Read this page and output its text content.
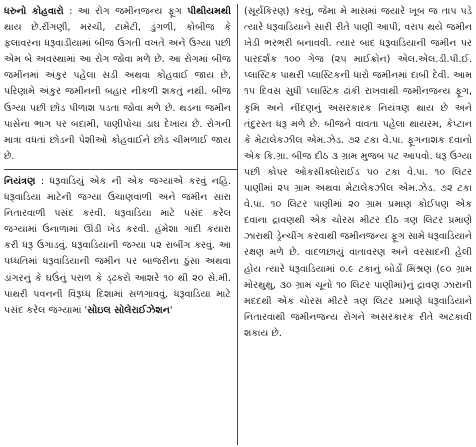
ધરુનો કોહવારો : આ રોગ જમીનજન્ય ફૂગ પીથીયમથી થાય છે.રીંગણી, મરચી, ટામેટી, ડુંગળી, કોબીજ કે ફલાવરના ધરૂવાડીયામાં બીજ ઉગતી વખતે અને ઉગ્યા પછી એમ બે અવસ્થામાં આ રોગ જોવા મળે છે. આ રોગમાં બીજ જમીનમાં અંકુર પહેલા સડી અથવા કોહવાઈ જાય છે, પરિણામે અંકુર જમીનની બહાર નીકળી શકતું નથી. બીજ ઉગ્યા પછી છોડ પીળાશ પડતા જોવા મળે છે. થડના જમીન પાસેના ભાગ પર બદામી, પાણીપોચા ડાઘ દેખાય છે. રોગની માત્રા વધતાં છોડની પેશીઓ કોહવાઈને છોડ ચીમળાઈ જાય છે.

નિયંત્રણ : ધરૂવાડિયું એક ની એક જગ્યાએ કરવું નહિ. ધરૂવાડિયા માટેની જગ્યા ઉચાણવાળી અને જમીન સારા નિતારવાળી પસંદ કરવી. ધરૂવાડિયા માટે પસંદ કરેલ જગ્યામાં ઉનાળામાં ઊંડી ખેડ કરવી. હંમેશા ગાદી કયારા કરી ધરૂ ઉગાડવું. ધરૂવાડિયાની જગ્યા ૫૨ રાબીંગ કરવું. આ પધ્ધતિમાં ધરૂવાડિયાની જમીન પર બાજરીના ઠુંસા અથવા ડાંગરનું કે ઘઉંનું પરાળ કે ડ્ઢકરો આશરે ૧૦ થી ૨૦ સે.મી. પાથરી પવનની વિરૂધ્ધ દિશામાં સળગાવવું. ધરૂવાડિયા માટે પસંદ કરેલ જગ્યામાં 'સોઇલ સોલેરાઈઝેશન'

(સૂર્યકિરણ) કરવું, જેમા મે માસમાં જયારે ખૂબ જ તાપ પડે ત્યારે ધરૂવાડિયાને સારી રીતે પાણી આપી, વરાપ થયે જમીન ખેડી ભરભરી બનાવવી. ત્યાર બાદ ધરૂવાડિયાની જમીન પર પારદર્શક ૧૦૦ ગેજ (૨૫ માઈક્રોન) એલ.એલ.ડી.પી.ઈ. પ્લાસ્ટિક પાથરી પ્લાસ્ટિકની ધારો જમીનમાં દાબી દેવી. આમ ૧૫ દિવસ સુધી પ્લાસ્ટિક ઢાંકી રાખવાથી જમીનજન્ય ફૂગ, કૃમિ અને નીંદણનું અસરકારક નિયંત્રણ થાય છે અને તંદુરસ્ત ધરૂ મળે છે. બીજને વાવતા પહેલા થાયરમ, કેપ્ટાન કે મેટાલેકઝીલ એમ.ઝેડ. ૭૨ ટકા વે.પા. ફૂગનાશક દવાનો એક કિ.ગ્રા. બીજ દીઠ ૩ ગ્રામ મુજબ પટ આપવો. ધરૂ ઉગ્યા પછી કોપર ઓકસીક્લોરાઈડ ૫૦ ટકા વે.પા. ૧૦ લિટર પાણીમાં ૨૫ ગ્રામ અથવા મેટાલેકઝીલ એમ.ઝેડ. ૭૨ ટકા વે.પા. ૧૦ લિટર પાણીમાં ૨૦ ગ્રામ પ્રમાણ કોઈપણ એક દવાના દ્રાવણથી એક ચોરસ મીટર દીઠ ત્રણ લિટર પ્રમાણે ઝારાથી ડ્રેન્ચીંગ કરવાથી જમીનજન્ય ફૂગ સામે ધરૂવાડિયાને રક્ષણ મળે છે. વાદળછાયું વાતાવરણ અને વરસાદની હેલી હોય ત્યારે ધરૂવાડિયામાં ૦.૯ ટકાનું બોર્ડો મિશ્રણ (૯૦ ગ્રામ મોરથુથુ, ૩૦ ગ્રામ ચૂનો ૧૦ લિટર પાણીમાં)નું દ્રાવણ ઝારાની મદદથી એક ચોરસ મીટરે ત્રણ લિટર પ્રમાણે ધરૂવાડિયાને નિતારવાથી જમીનજન્ય રોગને અસરકારક રીતે અટકાવી શકાય છે.
